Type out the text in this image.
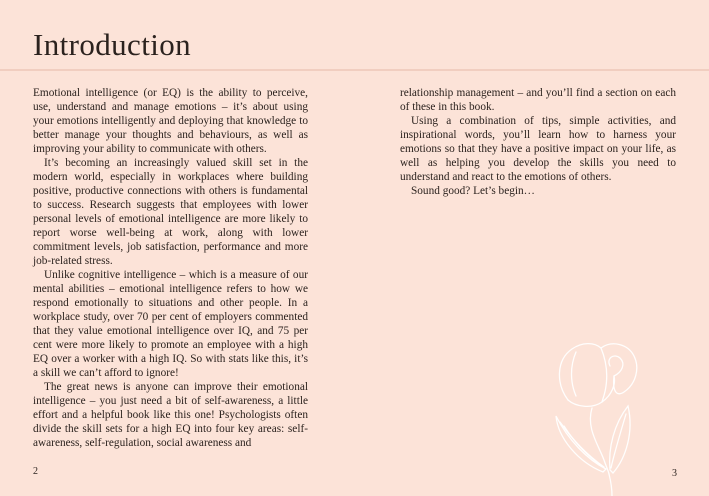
Introduction

Emotional intelligence (or EQ) is the ability to perceive, use, understand and manage emotions – it’s about using your emotions intelligently and deploying that knowledge to better manage your thoughts and behaviours, as well as improving your ability to communicate with others.

It’s becoming an increasingly valued skill set in the modern world, especially in workplaces where building positive, productive connections with others is fundamental to success. Research suggests that employees with lower personal levels of emotional intelligence are more likely to report worse well-being at work, along with lower commitment levels, job satisfaction, performance and more job-related stress.

Unlike cognitive intelligence – which is a measure of our mental abilities – emotional intelligence refers to how we respond emotionally to situations and other people. In a workplace study, over 70 per cent of employers commented that they value emotional intelligence over IQ, and 75 per cent were more likely to promote an employee with a high EQ over a worker with a high IQ. So with stats like this, it’s a skill we can’t afford to ignore!

The great news is anyone can improve their emotional intelligence – you just need a bit of self-awareness, a little effort and a helpful book like this one! Psychologists often divide the skill sets for a high EQ into four key areas: self-awareness, self-regulation, social awareness and

relationship management – and you’ll find a section on each of these in this book.

Using a combination of tips, simple activities, and inspirational words, you’ll learn how to harness your emotions so that they have a positive impact on your life, as well as helping you develop the skills you need to understand and react to the emotions of others.

Sound good? Let’s begin…

2	3
